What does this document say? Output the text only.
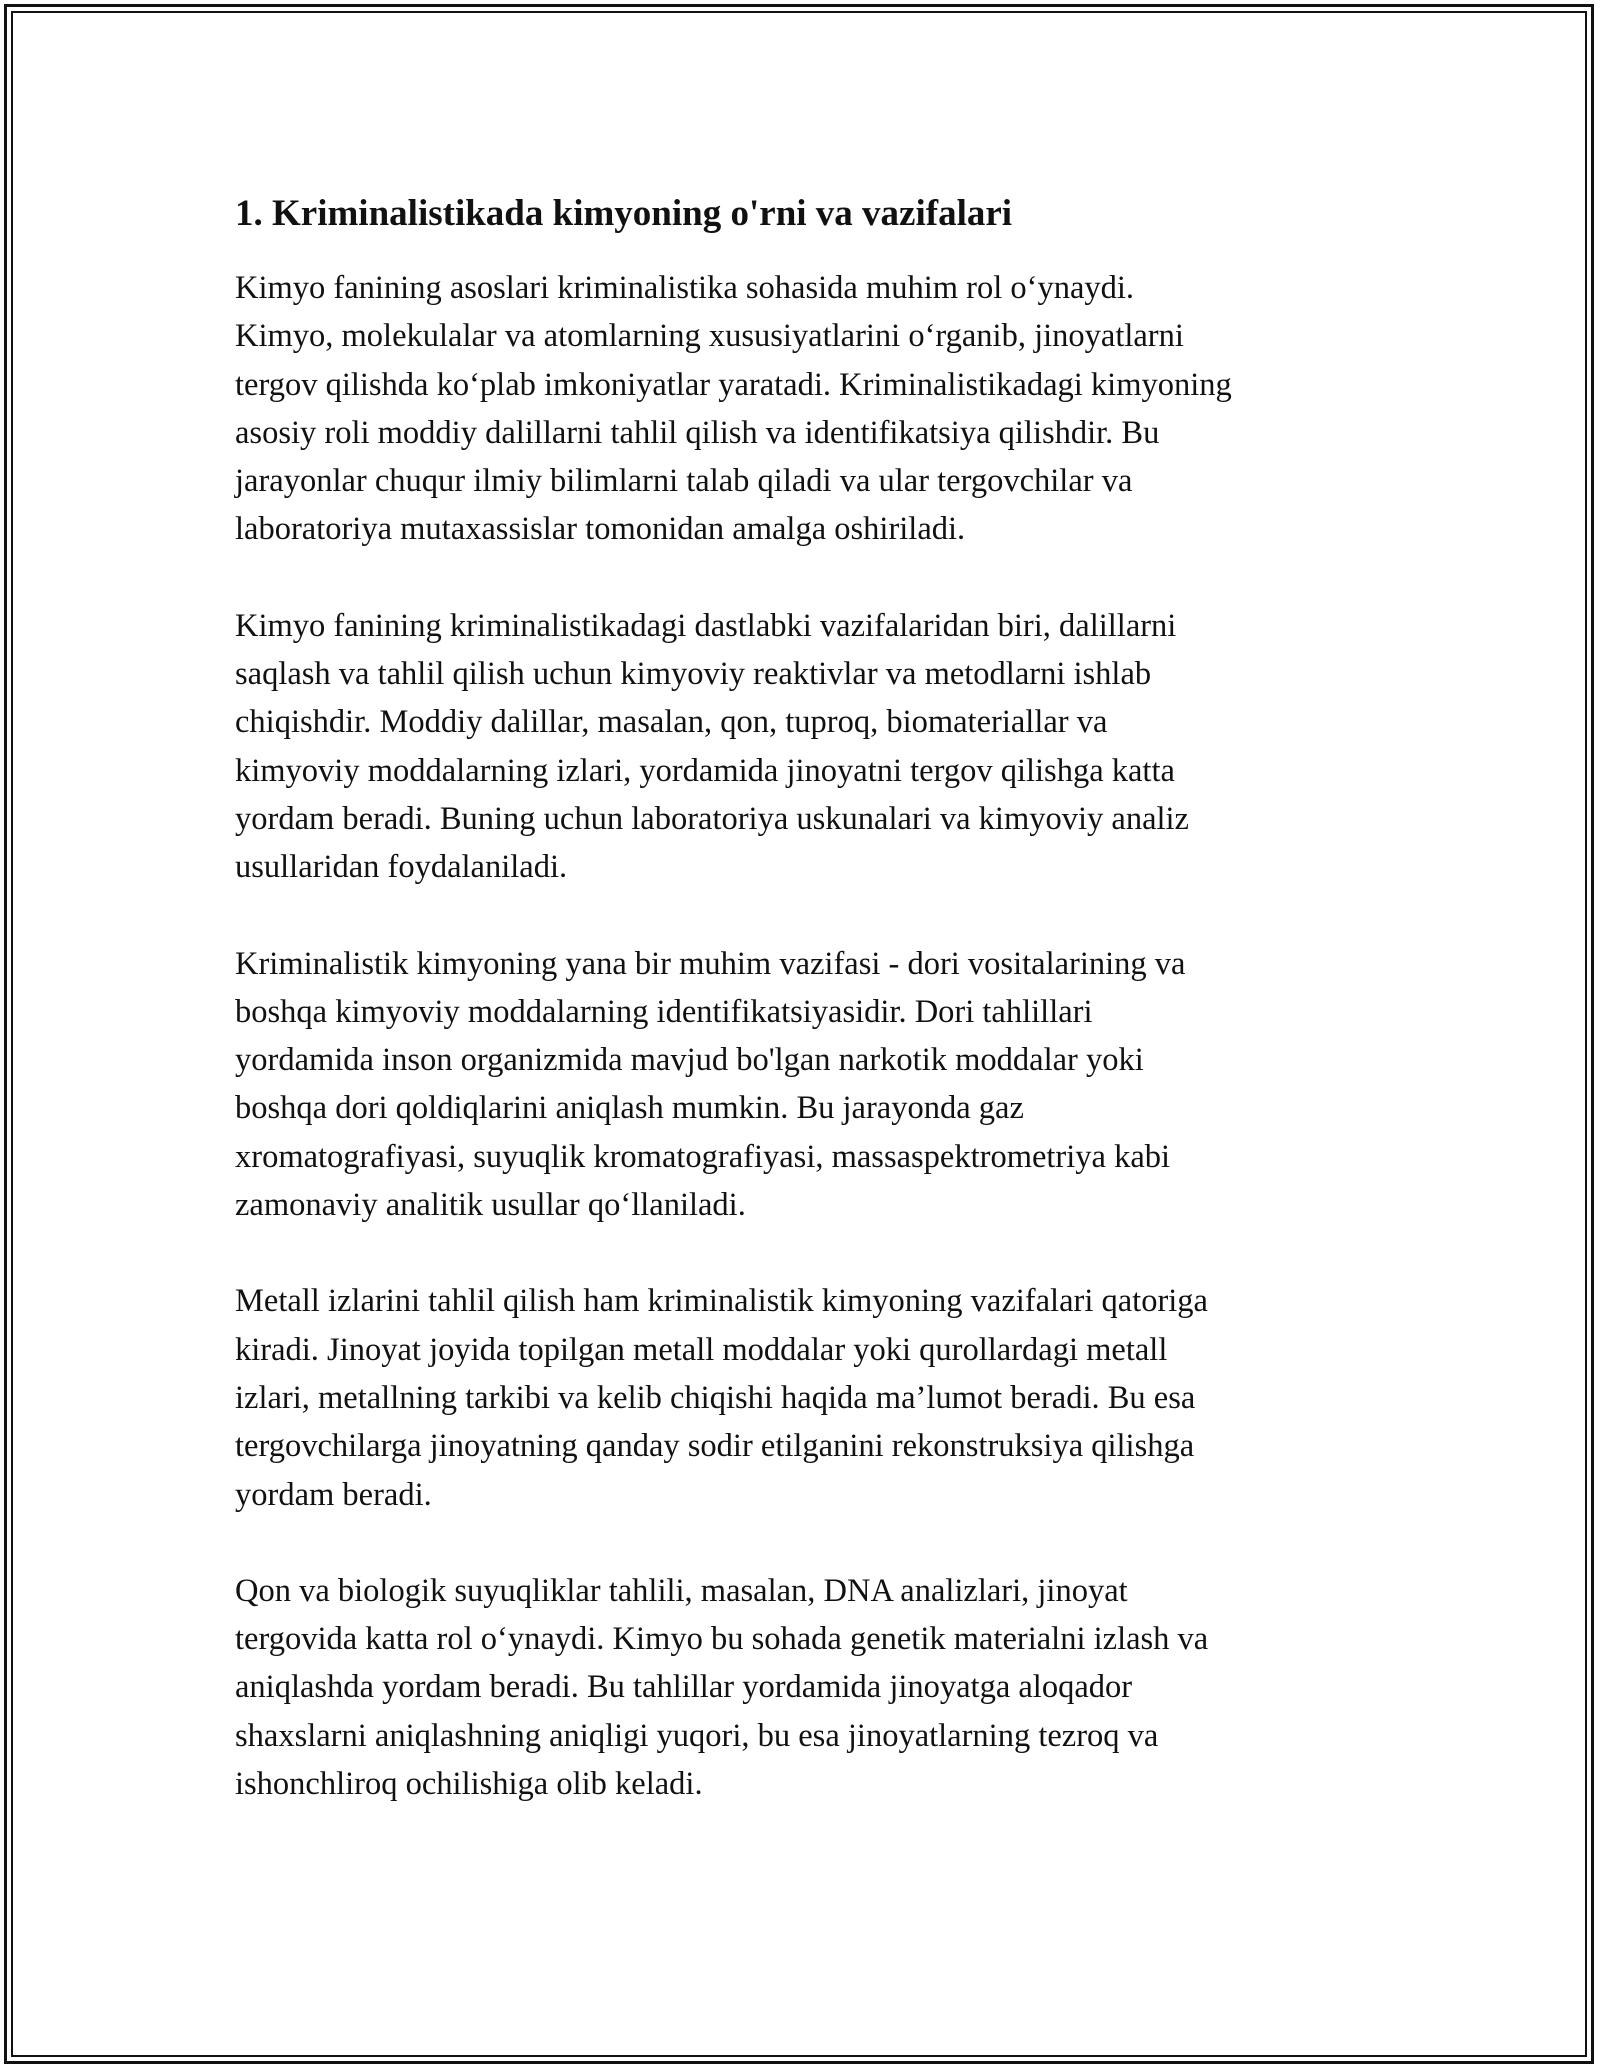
1. Kriminalistikada kimyoning o'rni va vazifalari

Kimyo fanining asoslari kriminalistika sohasida muhim rol o‘ynaydi.
Kimyo, molekulalar va atomlarning xususiyatlarini o‘rganib, jinoyatlarni
tergov qilishda ko‘plab imkoniyatlar yaratadi. Kriminalistikadagi kimyoning
asosiy roli moddiy dalillarni tahlil qilish va identifikatsiya qilishdir. Bu
jarayonlar chuqur ilmiy bilimlarni talab qiladi va ular tergovchilar va
laboratoriya mutaxassislar tomonidan amalga oshiriladi.

Kimyo fanining kriminalistikadagi dastlabki vazifalaridan biri, dalillarni
saqlash va tahlil qilish uchun kimyoviy reaktivlar va metodlarni ishlab
chiqishdir. Moddiy dalillar, masalan, qon, tuproq, biomateriallar va
kimyoviy moddalarning izlari, yordamida jinoyatni tergov qilishga katta
yordam beradi. Buning uchun laboratoriya uskunalari va kimyoviy analiz
usullaridan foydalaniladi.

Kriminalistik kimyoning yana bir muhim vazifasi - dori vositalarining va
boshqa kimyoviy moddalarning identifikatsiyasidir. Dori tahlillari
yordamida inson organizmida mavjud bo'lgan narkotik moddalar yoki
boshqa dori qoldiqlarini aniqlash mumkin. Bu jarayonda gaz
xromatografiyasi, suyuqlik kromatografiyasi, massaspektrometriya kabi
zamonaviy analitik usullar qo‘llaniladi.

Metall izlarini tahlil qilish ham kriminalistik kimyoning vazifalari qatoriga
kiradi. Jinoyat joyida topilgan metall moddalar yoki qurollardagi metall
izlari, metallning tarkibi va kelib chiqishi haqida ma’lumot beradi. Bu esa
tergovchilarga jinoyatning qanday sodir etilganini rekonstruksiya qilishga
yordam beradi.

Qon va biologik suyuqliklar tahlili, masalan, DNA analizlari, jinoyat
tergovida katta rol o‘ynaydi. Kimyo bu sohada genetik materialni izlash va
aniqlashda yordam beradi. Bu tahlillar yordamida jinoyatga aloqador
shaxslarni aniqlashning aniqligi yuqori, bu esa jinoyatlarning tezroq va
ishonchliroq ochilishiga olib keladi.
